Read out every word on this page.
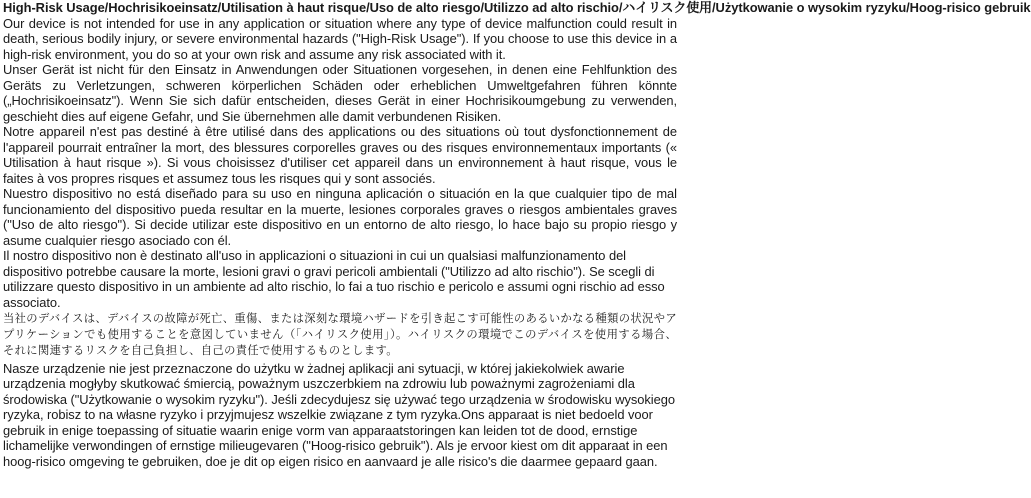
High-Risk Usage/Hochrisikoeinsatz/Utilisation à haut risque/Uso de alto riesgo/Utilizzo ad alto rischio/ハイリスク使用/Użytkowanie o wysokim ryzyku/Hoog-risico gebruik

Our device is not intended for use in any application or situation where any type of device malfunction could result in death, serious bodily injury, or severe environmental hazards ("High-Risk Usage"). If you choose to use this device in a high-risk environment, you do so at your own risk and assume any risk associated with it.

Unser Gerät ist nicht für den Einsatz in Anwendungen oder Situationen vorgesehen, in denen eine Fehlfunktion des Geräts zu Verletzungen, schweren körperlichen Schäden oder erheblichen Umweltgefahren führen könnte („Hochrisikoeinsatz"). Wenn Sie sich dafür entscheiden, dieses Gerät in einer Hochrisikoumgebung zu verwenden, geschieht dies auf eigene Gefahr, und Sie übernehmen alle damit verbundenen Risiken.

Notre appareil n'est pas destiné à être utilisé dans des applications ou des situations où tout dysfonctionnement de l'appareil pourrait entraîner la mort, des blessures corporelles graves ou des risques environnementaux importants (« Utilisation à haut risque »). Si vous choisissez d'utiliser cet appareil dans un environnement à haut risque, vous le faites à vos propres risques et assumez tous les risques qui y sont associés.

Nuestro dispositivo no está diseñado para su uso en ninguna aplicación o situación en la que cualquier tipo de mal funcionamiento del dispositivo pueda resultar en la muerte, lesiones corporales graves o riesgos ambientales graves ("Uso de alto riesgo"). Si decide utilizar este dispositivo en un entorno de alto riesgo, lo hace bajo su propio riesgo y asume cualquier riesgo asociado con él.

Il nostro dispositivo non è destinato all'uso in applicazioni o situazioni in cui un qualsiasi malfunzionamento del dispositivo potrebbe causare la morte, lesioni gravi o gravi pericoli ambientali ("Utilizzo ad alto rischio"). Se scegli di utilizzare questo dispositivo in un ambiente ad alto rischio, lo fai a tuo rischio e pericolo e assumi ogni rischio ad esso associato.

当社のデバイスは、デバイスの故障が死亡、重傷、または深刻な環境ハザードを引き起こす可能性のあるいかなる種類の状況やアプリケーションでも使用することを意図していません（「ハイリスク使用」）。ハイリスクの環境でこのデバイスを使用する場合、それに関連するリスクを自己負担し、自己の責任で使用するものとします。

Nasze urządzenie nie jest przeznaczone do użytku w żadnej aplikacji ani sytuacji, w której jakiekolwiek awarie urządzenia mogłyby skutkować śmiercią, poważnym uszczerbkiem na zdrowiu lub poważnymi zagrożeniami dla środowiska ("Użytkowanie o wysokim ryzyku"). Jeśli zdecydujesz się używać tego urządzenia w środowisku wysokiego ryzyka, robisz to na własne ryzyko i przyjmujesz wszelkie związane z tym ryzyka.Ons apparaat is niet bedoeld voor gebruik in enige toepassing of situatie waarin enige vorm van apparaatstoringen kan leiden tot de dood, ernstige lichamelijke verwondingen of ernstige milieugevaren ("Hoog-risico gebruik"). Als je ervoor kiest om dit apparaat in een hoog-risico omgeving te gebruiken, doe je dit op eigen risico en aanvaard je alle risico's die daarmee gepaard gaan.
